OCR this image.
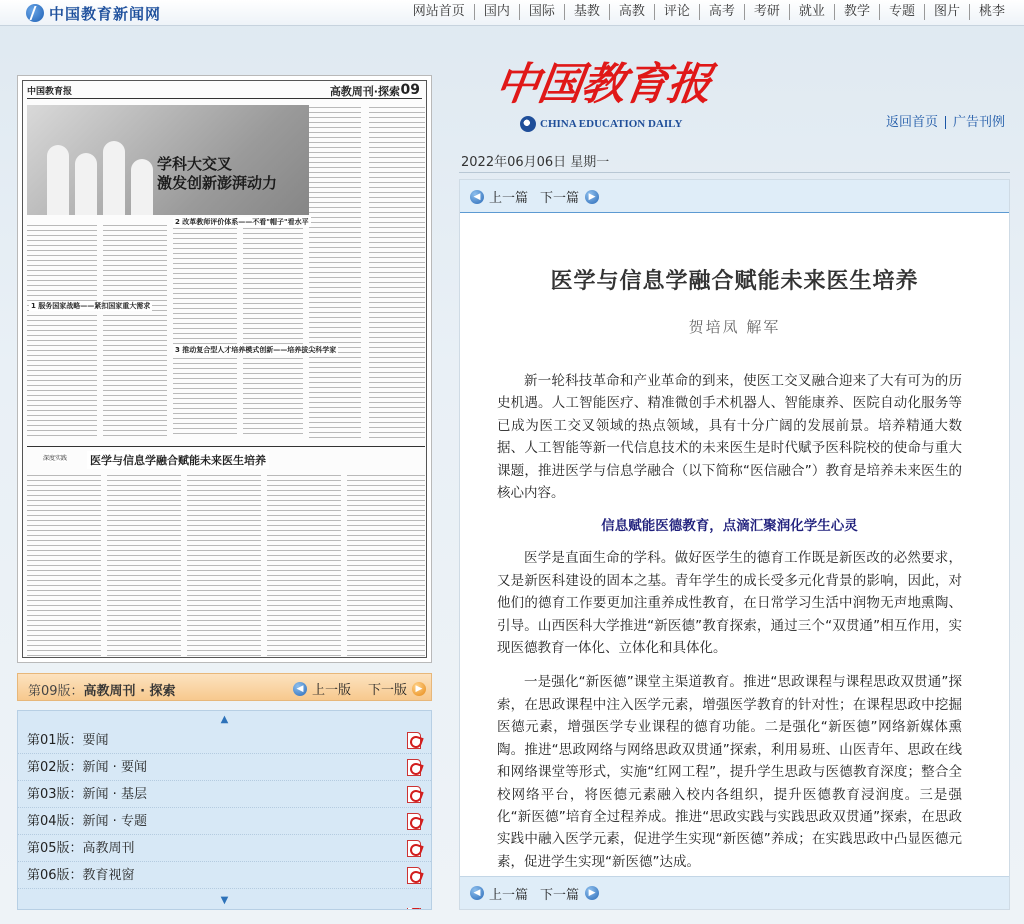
中国教育新闻网	网站首页	国内	国际	基教	高教	评论	高考	考研	就业	教学	专题	图片	桃李
中国教育报	高教周刊·探索 09
学科大交叉
激发创新澎湃动力
2 改革教师评价体系——不看"帽子"看水平
1 服务国家战略——紧扣国家重大需求
3 推动复合型人才培养模式创新——培养拔尖科学家
深度实践 医学与信息学融合赋能未来医生培养
第09版：高教周刊 · 探索	◀ 上一版 下一版 ▶
▲
第01版：要闻
第02版：新闻 · 要闻
第03版：新闻 · 基层
第04版：新闻 · 专题
第05版：高教周刊
第06版：教育视窗
▼
中国教育报
CHINA EDUCATION DAILY	返回首页	广告刊例
2022年06月06日 星期一
◀ 上一篇 下一篇	▶
医学与信息学融合赋能未来医生培养
贺培凤 解军

新一轮科技革命和产业革命的到来，使医工交叉融合迎来了大有可为的历史机遇。人工智能医疗、精准微创手术机器人、智能康养、医院自动化服务等已成为医工交叉领域的热点领域，具有十分广阔的发展前景。培养精通大数据、人工智能等新一代信息技术的未来医生是时代赋予医科院校的使命与重大课题，推进医学与信息学融合（以下简称“医信融合”）教育是培养未来医生的核心内容。

信息赋能医德教育，点滴汇聚润化学生心灵

医学是直面生命的学科。做好医学生的德育工作既是新医改的必然要求，又是新医科建设的固本之基。青年学生的成长受多元化背景的影响，因此，对他们的德育工作要更加注重养成性教育，在日常学习生活中润物无声地熏陶、引导。山西医科大学推进“新医德”教育探索，通过三个“双贯通”相互作用，实现医德教育一体化、立体化和具体化。

一是强化“新医德”课堂主渠道教育。推进“思政课程与课程思政双贯通”探索，在思政课程中注入医学元素，增强医学教育的针对性；在课程思政中挖掘医德元素，增强医学专业课程的德育功能。二是强化“新医德”网络新媒体熏陶。推进“思政网络与网络思政双贯通”探索，利用易班、山医青年、思政在线和网络课堂等形式，实施“红网工程”，提升学生思政与医德教育深度；整合全校网络平台，将医德元素融入校内各组织，提升医德教育浸润度。三是强化“新医德”培育全过程养成。推进“思政实践与实践思政双贯通”探索，在思政实践中融入医学元素，促进学生实现“新医德”养成；在实践思政中凸显医德元素，促进学生实现“新医德”达成。

◀ 上一篇 下一篇	▶
